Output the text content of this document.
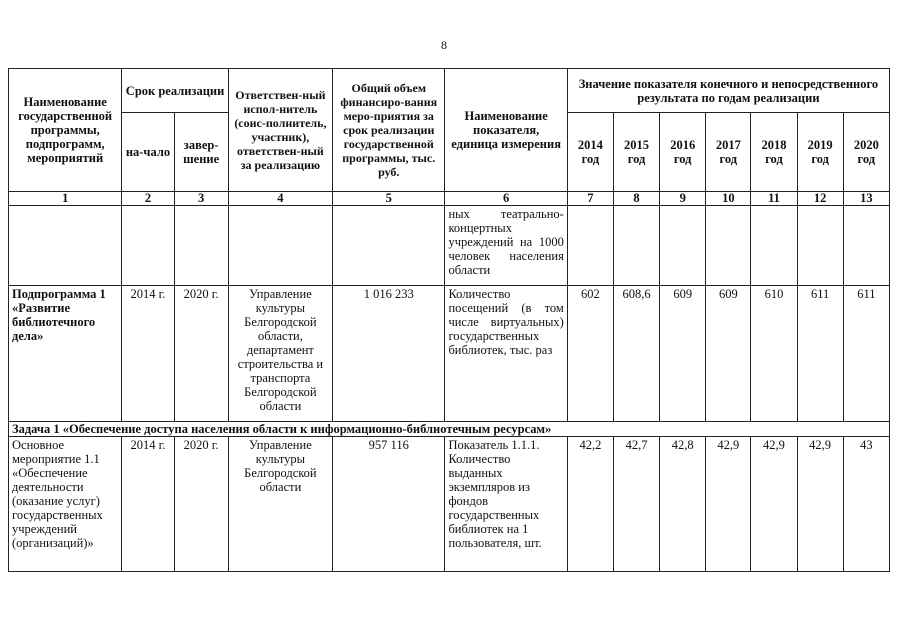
8
Наименование государственной программы, подпрограмм, мероприятий	Срок реализации		Ответствен-ный испол-нитель (соис-полнитель, участник), ответствен-ный за реализацию	Общий объем финансиро-вания меро-приятия за срок реализации государственной программы, тыс. руб.	Наименование показателя, единица измерения	Значение показателя конечного и непосредственного результата по годам реализации						
	на-чало	завер-шение				2014 год	2015 год	2016 год	2017 год	2018 год	2019 год	2020 год
1	2	3	4	5	6	7	8	9	10	11	12	13
					ных театрально-концертных учреждений на 1000 человек населения области							
Подпрограмма 1 «Развитие библиотечного дела»	2014 г.	2020 г.	Управление культуры Белгородской области, департамент строительства и транспорта Белгородской области	1 016 233	Количество посещений (в том числе виртуальных) государственных библиотек, тыс. раз	602	608,6	609	609	610	611	611
Задача 1 «Обеспечение доступа населения области к информационно-библиотечным ресурсам»												
Основное мероприятие 1.1 «Обеспечение деятельности (оказание услуг) государственных учреждений (организаций)»	2014 г.	2020 г.	Управление культуры Белгородской области	957 116	Показатель 1.1.1. Количество выданных экземпляров из фондов государственных библиотек на 1 пользователя, шт.	42,2	42,7	42,8	42,9	42,9	42,9	43
